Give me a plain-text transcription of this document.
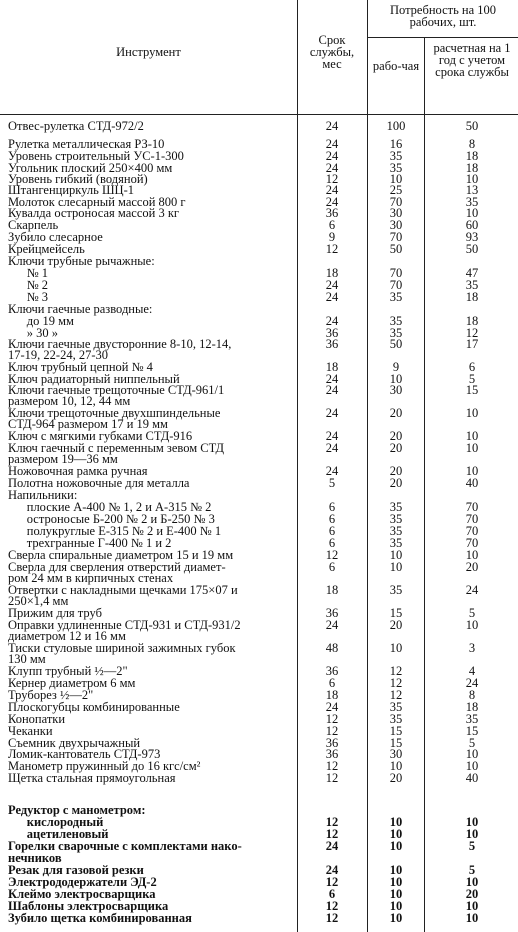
Инструмент
Срок службы, мес
Потребность на 100 рабочих, шт.
рабо-чая
расчетная на 1 год с учетом срока службы
Отвес-рулетка СТД-972/2	24	100	50
Рулетка металлическая РЗ-10	24	16	8
Уровень строительный УС-1-300	24	35	18
Угольник плоский 250×400 мм	24	35	18
Уровень гибкий (водяной)	12	10	10
Штангенциркуль ШЦ-1	24	25	13
Молоток слесарный массой 800 г	24	70	35
Кувалда остроносая массой 3 кг	36	30	10
Скарпель	6	30	60
Зубило слесарное	9	70	93
Крейцмейсель	12	50	50
Ключи трубные рычажные:
№ 1	18	70	47
№ 2	24	70	35
№ 3	24	35	18
Ключи гаечные разводные:
до 19 мм	24	35	18
» 30 »	36	35	12
Ключи гаечные двусторонние 8-10, 12-14,	36	50	17
17-19, 22-24, 27-30
Ключ трубный цепной № 4	18	9	6
Ключ радиаторный ниппельный	24	10	5
Ключи гаечные трещоточные СТД-961/1	24	30	15
размером 10, 12, 44 мм
Ключи трещоточные двухшпиндельные	24	20	10
СТД-964 размером 17 и 19 мм
Ключ с мягкими губками СТД-916	24	20	10
Ключ гаечный с переменным зевом СТД	24	20	10
размером 19—36 мм
Ножовочная рамка ручная	24	20	10
Полотна ножовочные для металла	5	20	40
Напильники:
плоские А-400 № 1, 2 и А-315 № 2	6	35	70
остроносые Б-200 № 2 и Б-250 № 3	6	35	70
полукруглые Е-315 № 2 и Е-400 № 1	6	35	70
трехгранные Г-400 № 1 и 2	6	35	70
Сверла спиральные диаметром 15 и 19 мм	12	10	10
Сверла для сверления отверстий диамет-	6	10	20
ром 24 мм в кирпичных стенах
Отвертки с накладными щечками 175×07 и	18	35	24
250×1,4 мм
Прижим для труб	36	15	5
Оправки удлиненные СТД-931 и СТД-931/2	24	20	10
диаметром 12 и 16 мм
Тиски стуловые шириной зажимных губок	48	10	3
130 мм
Клупп трубный ½—2"	36	12	4
Кернер диаметром 6 мм	6	12	24
Труборез ½—2"	18	12	8
Плоскогубцы комбинированные	24	35	18
Конопатки	12	35	35
Чеканки	12	15	15
Съемник двухрычажный	36	15	5
Ломик-кантователь СТД-973	36	30	10
Манометр пружинный до 16 кгс/см²	12	10	10
Щетка стальная прямоугольная	12	20	40
Редуктор с манометром:
кислородный	12	10	10
ацетиленовый	12	10	10
Горелки сварочные с комплектами нако-	24	10	5
нечников
Резак для газовой резки	24	10	5
Электрододержатели ЭД-2	12	10	10
Клеймо электросварщика	6	10	20
Шаблоны электросварщика	12	10	10
Зубило щетка комбинированная	12	10	10
